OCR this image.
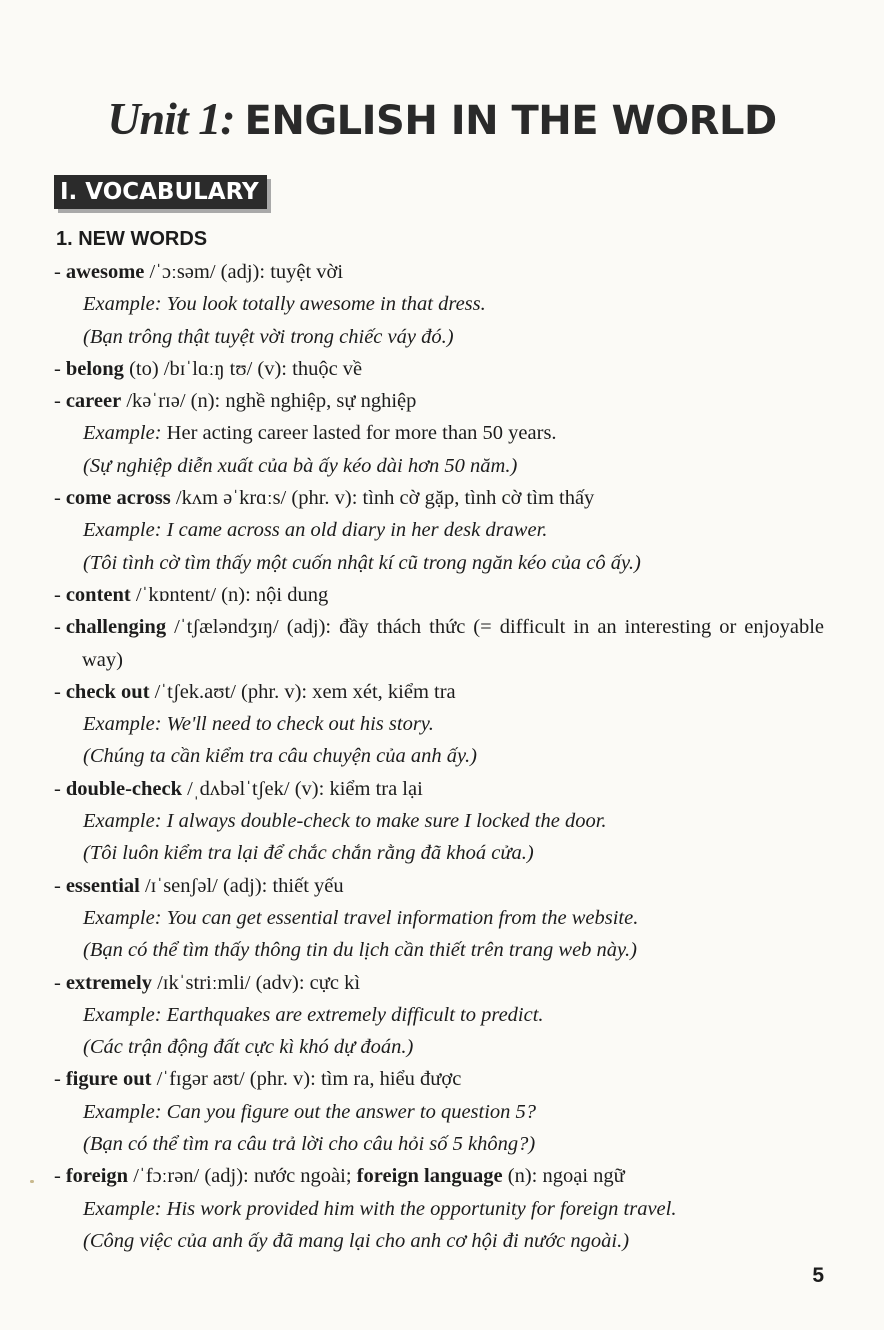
Unit 1: ENGLISH IN THE WORLD
I. VOCABULARY
1. NEW WORDS
- awesome /ˈɔːsəm/ (adj): tuyệt vời
Example: You look totally awesome in that dress.
(Bạn trông thật tuyệt vời trong chiếc váy đó.)
- belong (to) /bɪˈlɑːŋ tʊ/ (v): thuộc về
- career /kəˈrɪə/ (n): nghề nghiệp, sự nghiệp
Example: Her acting career lasted for more than 50 years.
(Sự nghiệp diễn xuất của bà ấy kéo dài hơn 50 năm.)
- come across /kʌm əˈkrɑːs/ (phr. v): tình cờ gặp, tình cờ tìm thấy
Example: I came across an old diary in her desk drawer.
(Tôi tình cờ tìm thấy một cuốn nhật kí cũ trong ngăn kéo của cô ấy.)
- content /ˈkɒntent/ (n): nội dung
- challenging /ˈtʃæləndʒɪŋ/ (adj): đầy thách thức (= difficult in an interesting or enjoyable way)
- check out /ˈtʃek.aʊt/ (phr. v): xem xét, kiểm tra
Example: We'll need to check out his story.
(Chúng ta cần kiểm tra câu chuyện của anh ấy.)
- double-check /ˌdʌbəlˈtʃek/ (v): kiểm tra lại
Example: I always double-check to make sure I locked the door.
(Tôi luôn kiểm tra lại để chắc chắn rằng đã khoá cửa.)
- essential /ɪˈsenʃəl/ (adj): thiết yếu
Example: You can get essential travel information from the website.
(Bạn có thể tìm thấy thông tin du lịch cần thiết trên trang web này.)
- extremely /ɪkˈstriːmli/ (adv): cực kì
Example: Earthquakes are extremely difficult to predict.
(Các trận động đất cực kì khó dự đoán.)
- figure out /ˈfɪgər aʊt/ (phr. v): tìm ra, hiểu được
Example: Can you figure out the answer to question 5?
(Bạn có thể tìm ra câu trả lời cho câu hỏi số 5 không?)
- foreign /ˈfɔːrən/ (adj): nước ngoài; foreign language (n): ngoại ngữ
Example: His work provided him with the opportunity for foreign travel.
(Công việc của anh ấy đã mang lại cho anh cơ hội đi nước ngoài.)
5
